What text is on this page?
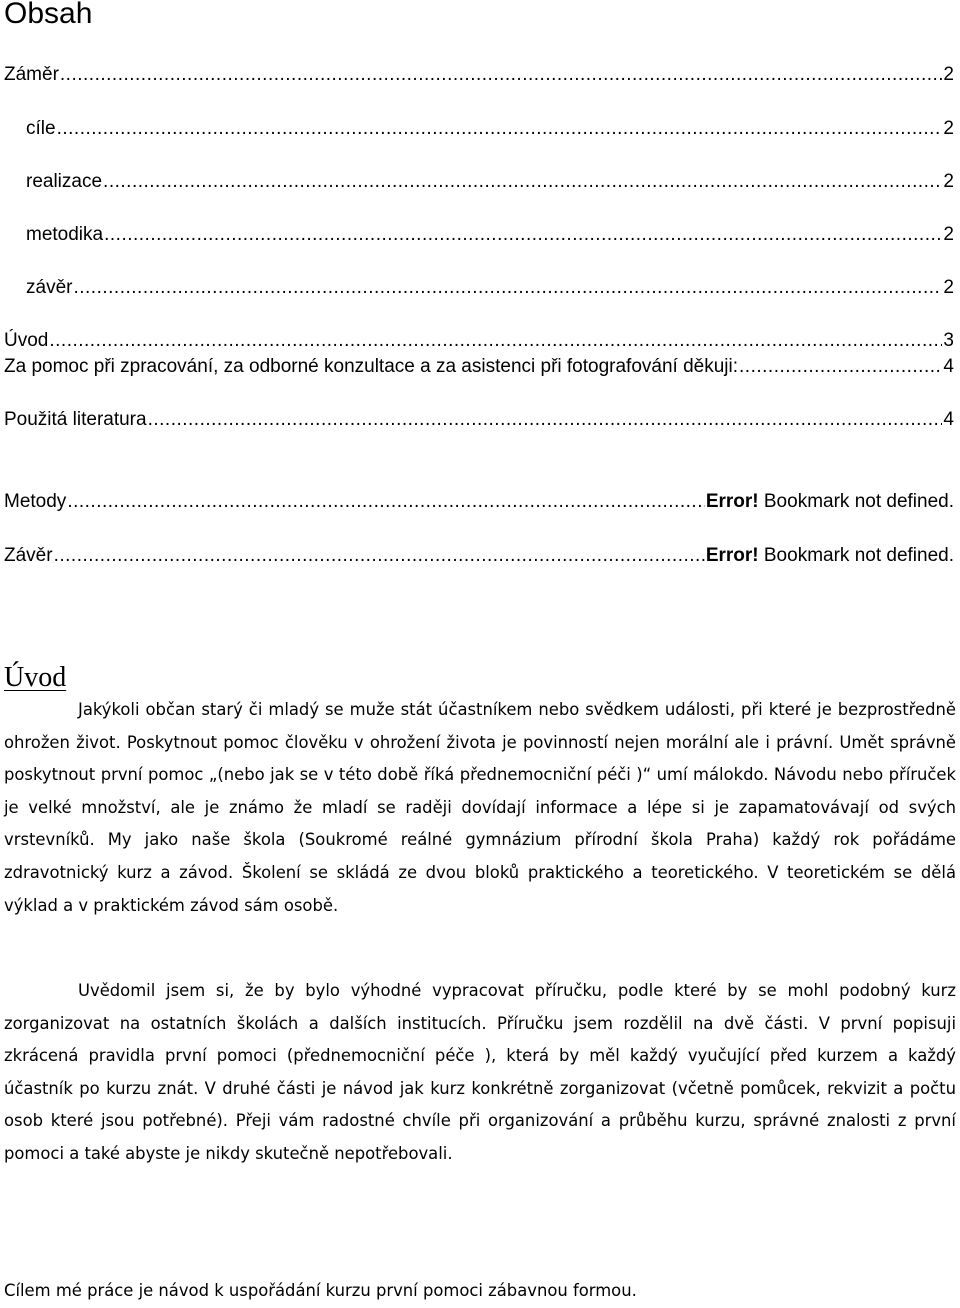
Obsah
Záměr .....	2
cíle .....	2
realizace .....	2
metodika .....	2
závěr .....	2
Úvod .....	3
Za pomoc při zpracování, za odborné konzultace a za asistenci při fotografování děkuji: .....	4
Použitá literatura .....	4
Metody .....	Error! Bookmark not defined.
Závěr .....	Error! Bookmark not defined.
Úvod

Jakýkoli občan starý či mladý se muže stát účastníkem nebo svědkem události, při které je bezprostředně ohrožen život. Poskytnout pomoc člověku v ohrožení života je povinností nejen morální ale i právní. Umět správně poskytnout první pomoc „(nebo jak se v této době říká přednemocniční péči )“ umí málokdo. Návodu nebo příruček je velké množství, ale je známo že mladí se raději dovídají informace a lépe si je zapamatovávají od svých vrstevníků. My jako naše škola (Soukromé reálné gymnázium přírodní škola Praha) každý rok pořádáme zdravotnický kurz a závod. Školení se skládá ze dvou bloků praktického a teoretického. V teoretickém se dělá výklad a v praktickém závod sám osobě.

Uvědomil jsem si, že by bylo výhodné vypracovat příručku, podle které by se mohl podobný kurz zorganizovat na ostatních školách a dalších institucích. Příručku jsem rozdělil na dvě části. V první popisuji zkrácená pravidla první pomoci (přednemocniční péče ), která by měl každý vyučující před kurzem a každý účastník po kurzu znát. V druhé části je návod jak kurz konkrétně zorganizovat (včetně pomůcek, rekvizit a počtu osob které jsou potřebné). Přeji vám radostné chvíle při organizování a průběhu kurzu, správné znalosti z první pomoci a také abyste je nikdy skutečně nepotřebovali.

Cílem mé práce je návod k uspořádání kurzu první pomoci zábavnou formou.
